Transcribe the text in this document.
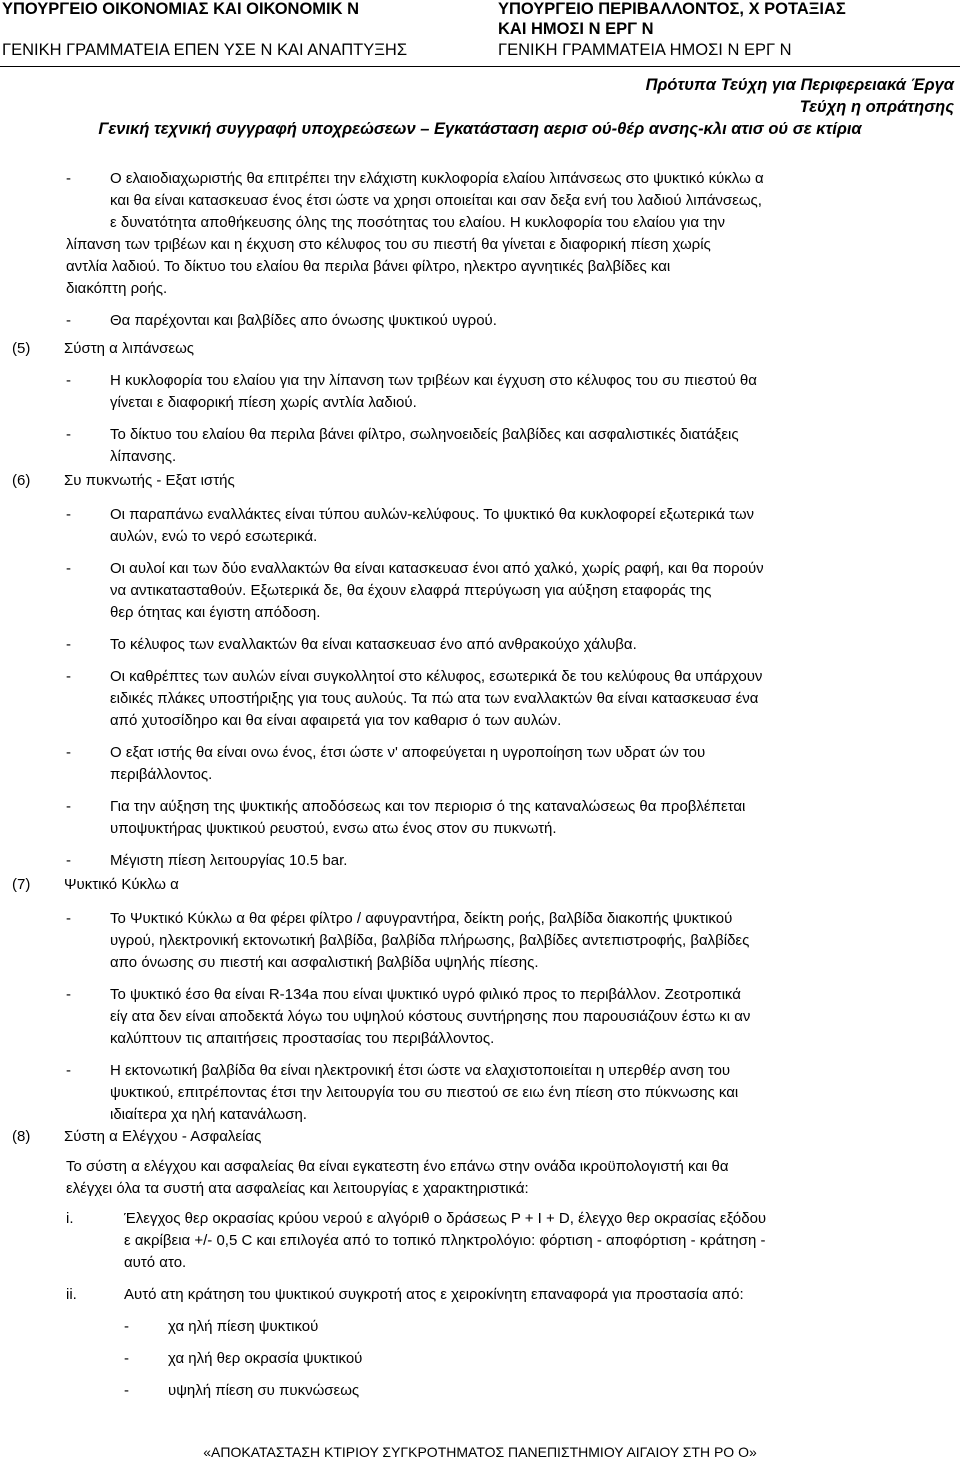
ΥΠΟΥΡΓΕΙΟ ΟΙΚΟΝΟΜΙΑΣ ΚΑΙ ΟΙΚΟΝΟΜΙΚ Ν	ΥΠΟΥΡΓΕΙΟ ΠΕΡΙΒΑΛΛΟΝΤΟΣ, Χ ΡΟΤΑΞΙΑΣ
ΚΑΙ ΗΜΟΣΙ Ν ΕΡΓ Ν
ΓΕΝΙΚΗ ΓΡΑΜΜΑΤΕΙΑ ΕΠΕΝ ΥΣΕ Ν ΚΑΙ ΑΝΑΠΤΥΞΗΣ	ΓΕΝΙΚΗ ΓΡΑΜΜΑΤΕΙΑ ΗΜΟΣΙ Ν ΕΡΓ Ν
Πρότυπα Τεύχη για Περιφερειακά Έργα
Τεύχη η οπράτησης
Γενική τεχνική συγγραφή υποχρεώσεων – Εγκατάσταση αερισ ού-θέρ ανσης-κλι ατισ ού σε κτίρια
-	Ο ελαιοδιαχωριστής θα επιτρέπει την ελάχιστη κυκλοφορία ελαίου λιπάνσεως στο ψυκτικό κύκλω α
και θα είναι κατασκευασ ένος έτσι ώστε να χρησι οποιείται και σαν δεξα ενή του λαδιού λιπάνσεως,
ε δυνατότητα αποθήκευσης όλης της ποσότητας του ελαίου. Η κυκλοφορία του ελαίου για την
λίπανση των τριβέων και η έκχυση στο κέλυφος του συ πιεστή θα γίνεται ε διαφορική πίεση χωρίς
αντλία λαδιού. Το δίκτυο του ελαίου θα περιλα βάνει φίλτρο, ηλεκτρο αγνητικές βαλβίδες και
διακόπτη ροής.
-	Θα παρέχονται και βαλβίδες απο όνωσης ψυκτικού υγρού.
(5) Σύστη α λιπάνσεως
-	Η κυκλοφορία του ελαίου για την λίπανση των τριβέων και έγχυση στο κέλυφος του συ πιεστού θα
γίνεται ε διαφορική πίεση χωρίς αντλία λαδιού.
-	Το δίκτυο του ελαίου θα περιλα βάνει φίλτρο, σωληνοειδείς βαλβίδες και ασφαλιστικές διατάξεις
λίπανσης.
(6) Συ πυκνωτής - Εξατ ιστής
-	Οι παραπάνω εναλλάκτες είναι τύπου αυλών-κελύφους. Το ψυκτικό θα κυκλοφορεί εξωτερικά των
αυλών, ενώ το νερό εσωτερικά.
-	Οι αυλοί και των δύο εναλλακτών θα είναι κατασκευασ ένοι από χαλκό, χωρίς ραφή, και θα πορούν
να αντικατασταθούν. Εξωτερικά δε, θα έχουν ελαφρά πτερύγωση για αύξηση εταφοράς της
θερ ότητας και έγιστη απόδοση.
-	Το κέλυφος των εναλλακτών θα είναι κατασκευασ ένο από ανθρακούχο χάλυβα.
-	Οι καθρέπτες των αυλών είναι συγκολλητοί στο κέλυφος, εσωτερικά δε του κελύφους θα υπάρχουν
ειδικές πλάκες υποστήριξης για τους αυλούς. Τα πώ ατα των εναλλακτών θα είναι κατασκευασ ένα
από χυτοσίδηρο και θα είναι αφαιρετά για τον καθαρισ ό των αυλών.
-	Ο εξατ ιστής θα είναι ονω ένος, έτσι ώστε ν' αποφεύγεται η υγροποίηση των υδρατ ών του
περιβάλλοντος.
-	Για την αύξηση της ψυκτικής αποδόσεως και τον περιορισ ό της καταναλώσεως θα προβλέπεται
υποψυκτήρας ψυκτικού ρευστού, ενσω ατω ένος στον συ πυκνωτή.
-	Μέγιστη πίεση λειτουργίας 10.5 bar.
(7) Ψυκτικό Κύκλω α
-	Το Ψυκτικό Κύκλω α θα φέρει φίλτρο / αφυγραντήρα, δείκτη ροής, βαλβίδα διακοπής ψυκτικού
υγρού, ηλεκτρονική εκτονωτική βαλβίδα, βαλβίδα πλήρωσης, βαλβίδες αντεπιστροφής, βαλβίδες
απο όνωσης συ πιεστή και ασφαλιστική βαλβίδα υψηλής πίεσης.
-	Το ψυκτικό έσο θα είναι R-134a που είναι ψυκτικό υγρό φιλικό προς το περιβάλλον. Ζεοτροπικά
είγ ατα δεν είναι αποδεκτά λόγω του υψηλού κόστους συντήρησης που παρουσιάζουν έστω κι αν
καλύπτουν τις απαιτήσεις προστασίας του περιβάλλοντος.
-	Η εκτονωτική βαλβίδα θα είναι ηλεκτρονική έτσι ώστε να ελαχιστοποιείται η υπερθέρ ανση του
ψυκτικού, επιτρέποντας έτσι την λειτουργία του συ πιεστού σε ειω ένη πίεση στο πύκνωσης και
ιδιαίτερα χα ηλή κατανάλωση.
(8) Σύστη α Ελέγχου - Ασφαλείας
Το σύστη α ελέγχου και ασφαλείας θα είναι εγκατεστη ένο επάνω στην ονάδα ικροϋπολογιστή και θα
ελέγχει όλα τα συστή ατα ασφαλείας και λειτουργίας ε χαρακτηριστικά:
i.	Έλεγχος θερ οκρασίας κρύου νερού ε αλγόριθ ο δράσεως P + I + D, έλεγχο θερ οκρασίας εξόδου
ε ακρίβεια +/- 0,5 C και επιλογέα από το τοπικό πληκτρολόγιο: φόρτιση - αποφόρτιση - κράτηση -
αυτό ατο.
ii.	Αυτό ατη κράτηση του ψυκτικού συγκροτή ατος ε χειροκίνητη επαναφορά για προστασία από:
-	χα ηλή πίεση ψυκτικού
-	χα ηλή θερ οκρασία ψυκτικού
-	υψηλή πίεση συ πυκνώσεως
«ΑΠΟΚΑΤΑΣΤΑΣΗ ΚΤΙΡΙΟΥ ΣΥΓΚΡΟΤΗΜΑΤΟΣ ΠΑΝΕΠΙΣΤΗΜΙΟΥ ΑΙΓΑΙΟΥ ΣΤΗ ΡΟ Ο»
